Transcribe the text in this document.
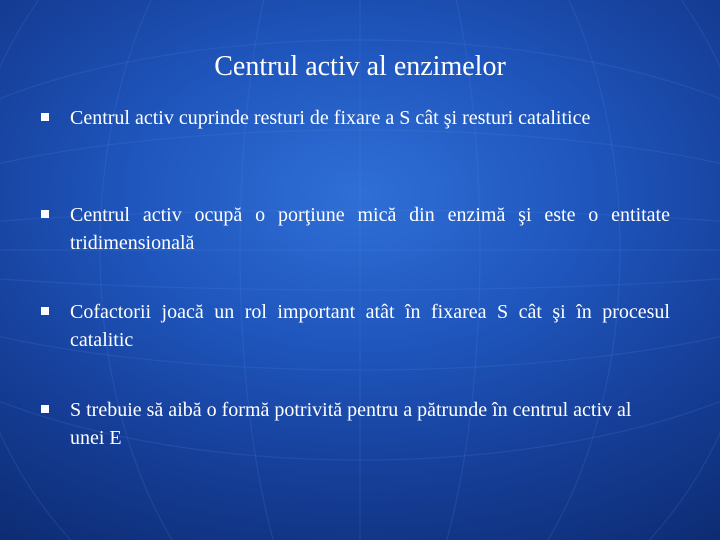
Centrul activ al enzimelor
Centrul activ cuprinde resturi de fixare a S cât şi resturi catalitice
Centrul activ ocupă o porţiune mică din enzimă şi este o entitate tridimensională
Cofactorii joacă un rol important atât în fixarea S cât şi în procesul catalitic
S trebuie să aibă o formă potrivită pentru a pătrunde în centrul activ al unei E
